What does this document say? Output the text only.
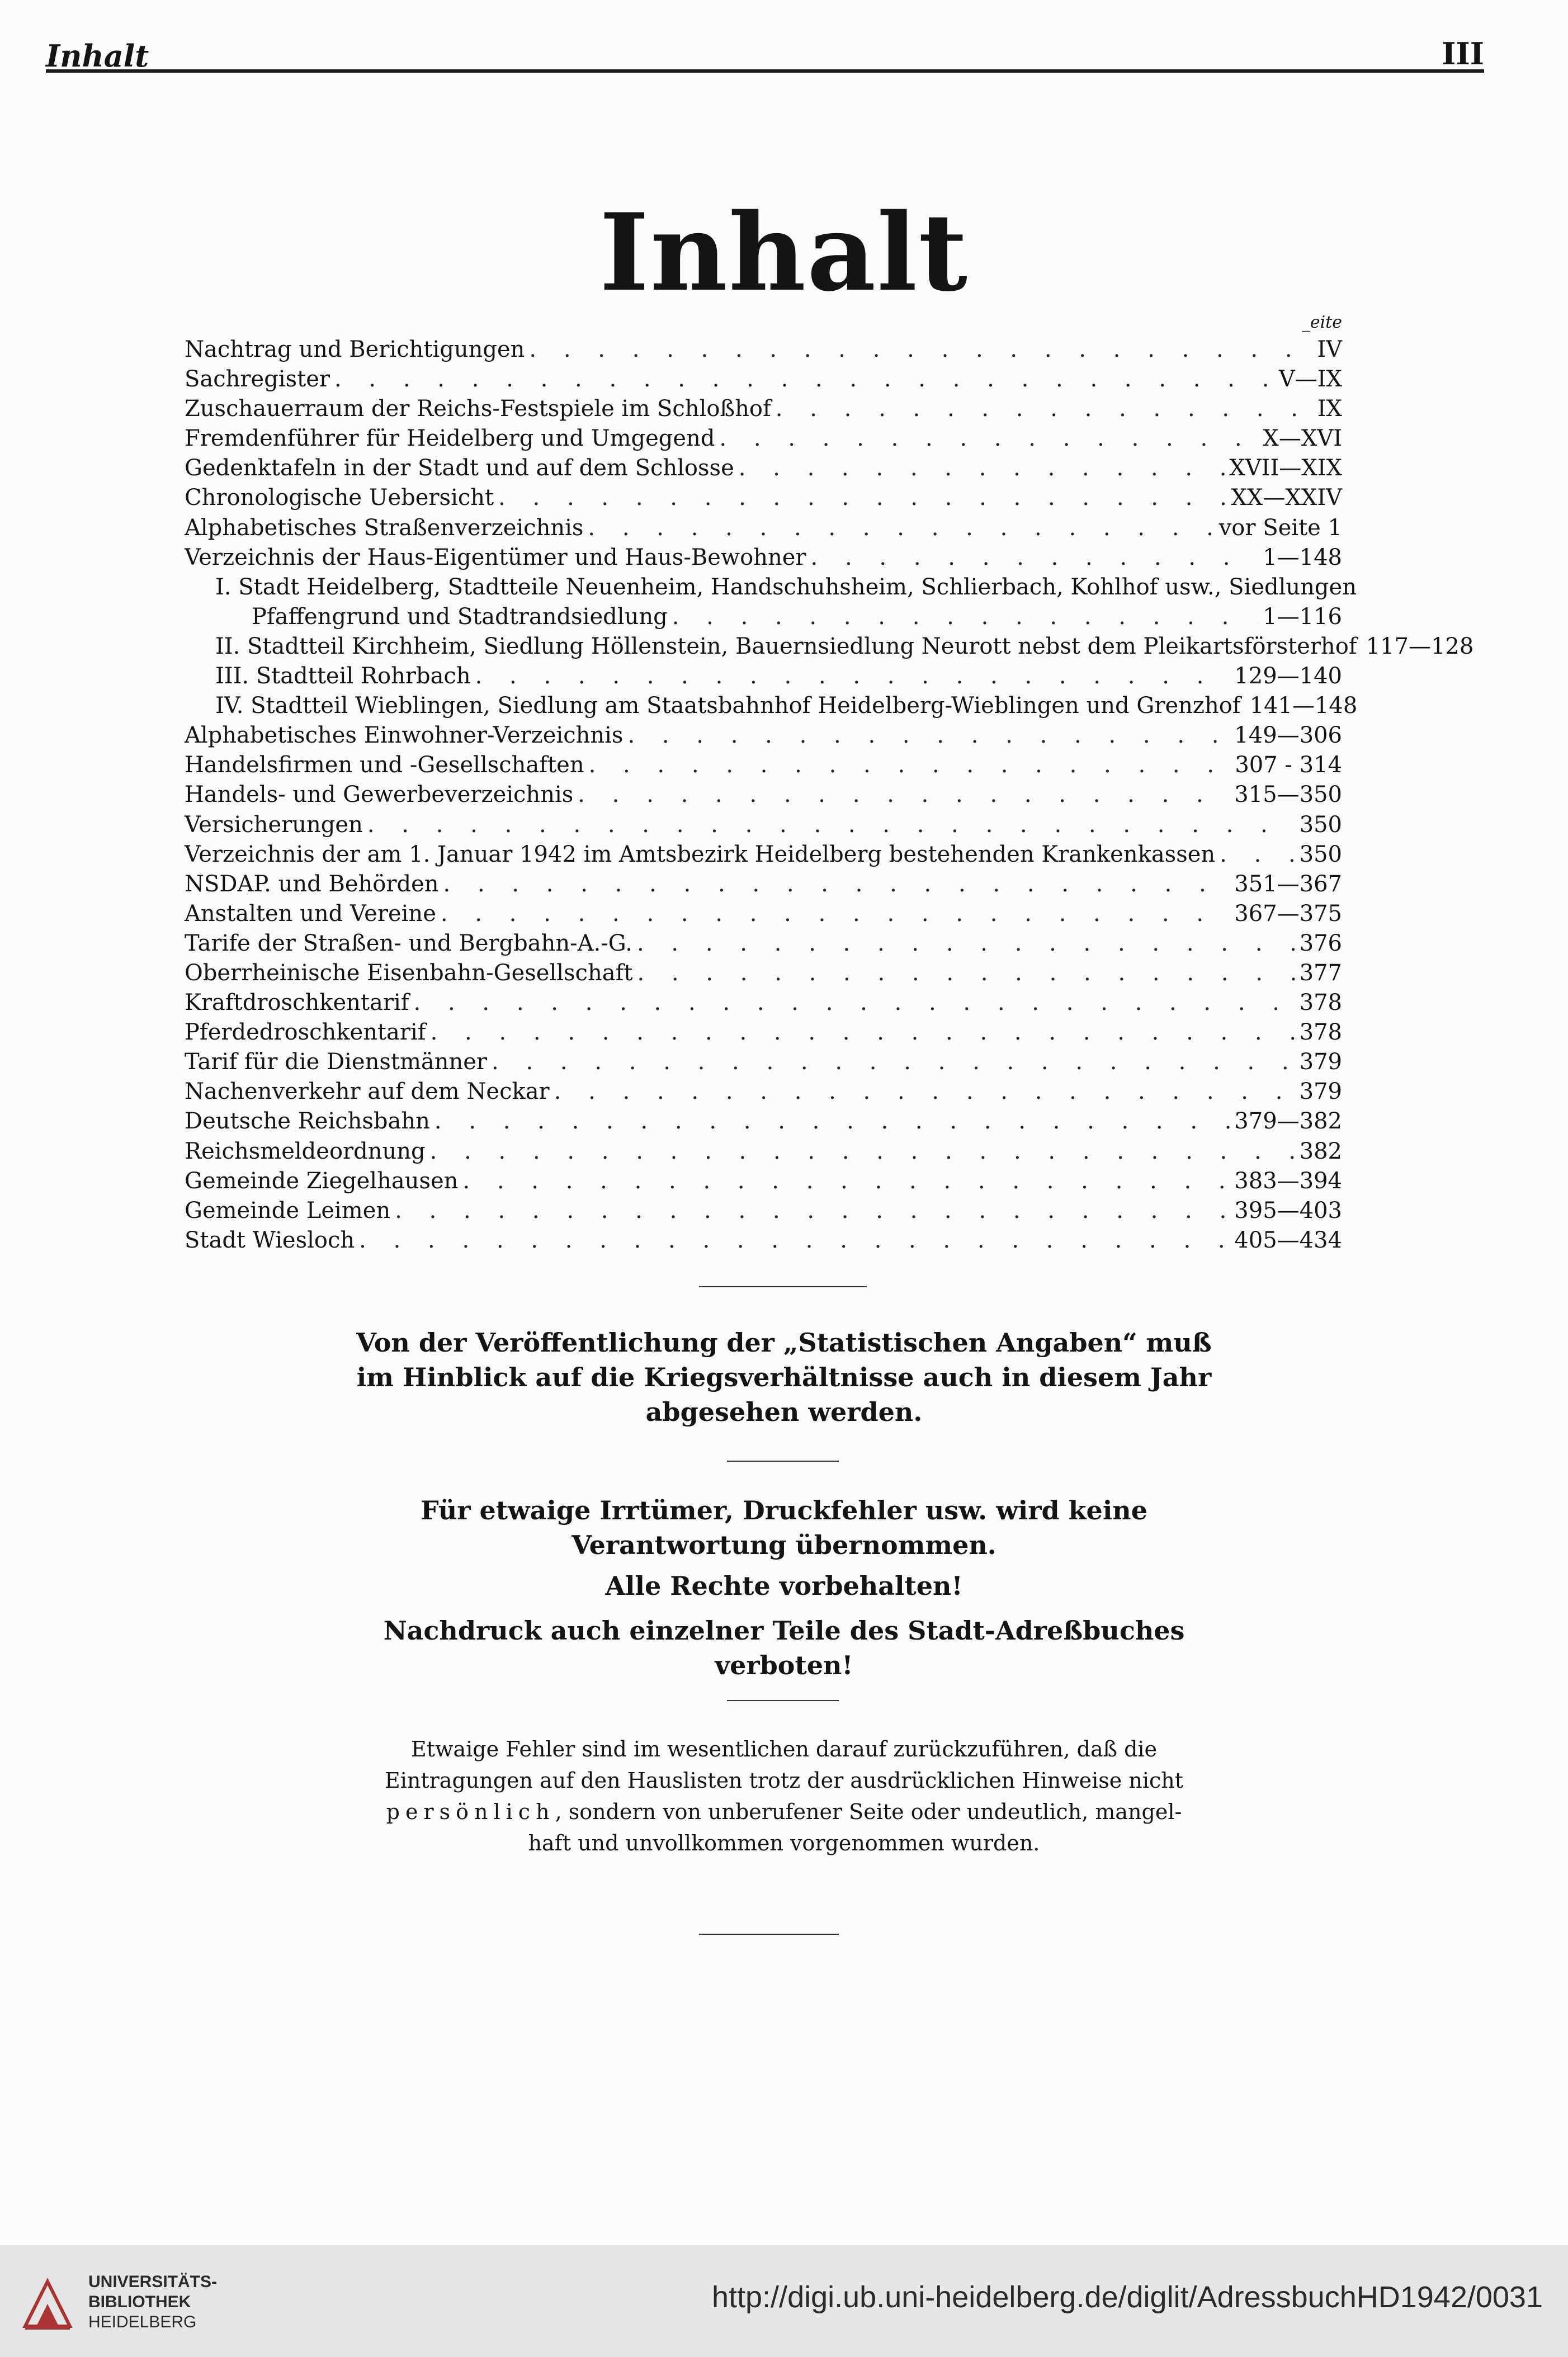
Inhalt	III
Inhalt
_eite
Nachtrag und Berichtigungen . . .	IV
Sachregister . . .	V—IX
Zuschauerraum der Reichs-Festspiele im Schloßhof . . .	IX
Fremdenführer für Heidelberg und Umgegend . . .	X—XVI
Gedenktafeln in der Stadt und auf dem Schlosse . . .	XVII—XIX
Chronologische Uebersicht . . .	XX—XXIV
Alphabetisches Straßenverzeichnis . . .	vor Seite 1
Verzeichnis der Haus-Eigentümer und Haus-Bewohner . . .	1—148
I. Stadt Heidelberg, Stadtteile Neuenheim, Handschuhsheim, Schlierbach, Kohlhof usw., Siedlungen
Pfaffengrund und Stadtrandsiedlung . . .	1—116
II. Stadtteil Kirchheim, Siedlung Höllenstein, Bauernsiedlung Neurott nebst dem Pleikartsförsterhof 117—128
III. Stadtteil Rohrbach . . .	129—140
IV. Stadtteil Wieblingen, Siedlung am Staatsbahnhof Heidelberg-Wieblingen und Grenzhof 141—148
Alphabetisches Einwohner-Verzeichnis . . .	149—306
Handelsfirmen und -Gesellschaften . . .	307 - 314
Handels- und Gewerbeverzeichnis . . .	315—350
Versicherungen . . .	350
Verzeichnis der am 1. Januar 1942 im Amtsbezirk Heidelberg bestehenden Krankenkassen . . .	350
NSDAP. und Behörden . . .	351—367
Anstalten und Vereine . . .	367—375
Tarife der Straßen- und Bergbahn-A.-G. . . .	376
Oberrheinische Eisenbahn-Gesellschaft . . .	377
Kraftdroschkentarif . . .	378
Pferdedroschkentarif . . .	378
Tarif für die Dienstmänner . . .	379
Nachenverkehr auf dem Neckar . . .	379
Deutsche Reichsbahn . . .	379—382
Reichsmeldeordnung . . .	382
Gemeinde Ziegelhausen . . .	383—394
Gemeinde Leimen . . .	395—403
Stadt Wiesloch . . .	405—434
Von der Veröffentlichung der „Statistischen Angaben“ muß
im Hinblick auf die Kriegsverhältnisse auch in diesem Jahr
abgesehen werden.
Für etwaige Irrtümer, Druckfehler usw. wird keine
Verantwortung übernommen.
Alle Rechte vorbehalten!
Nachdruck auch einzelner Teile des Stadt-Adreßbuches
verboten!
Etwaige Fehler sind im wesentlichen darauf zurückzuführen, daß die
Eintragungen auf den Hauslisten trotz der ausdrücklichen Hinweise nicht
persönlich, sondern von unberufener Seite oder undeutlich, mangel-
haft und unvollkommen vorgenommen wurden.
UNIVERSITÄTS-
BIBLIOTHEK
HEIDELBERG
http://digi.ub.uni-heidelberg.de/diglit/AdressbuchHD1942/0031
